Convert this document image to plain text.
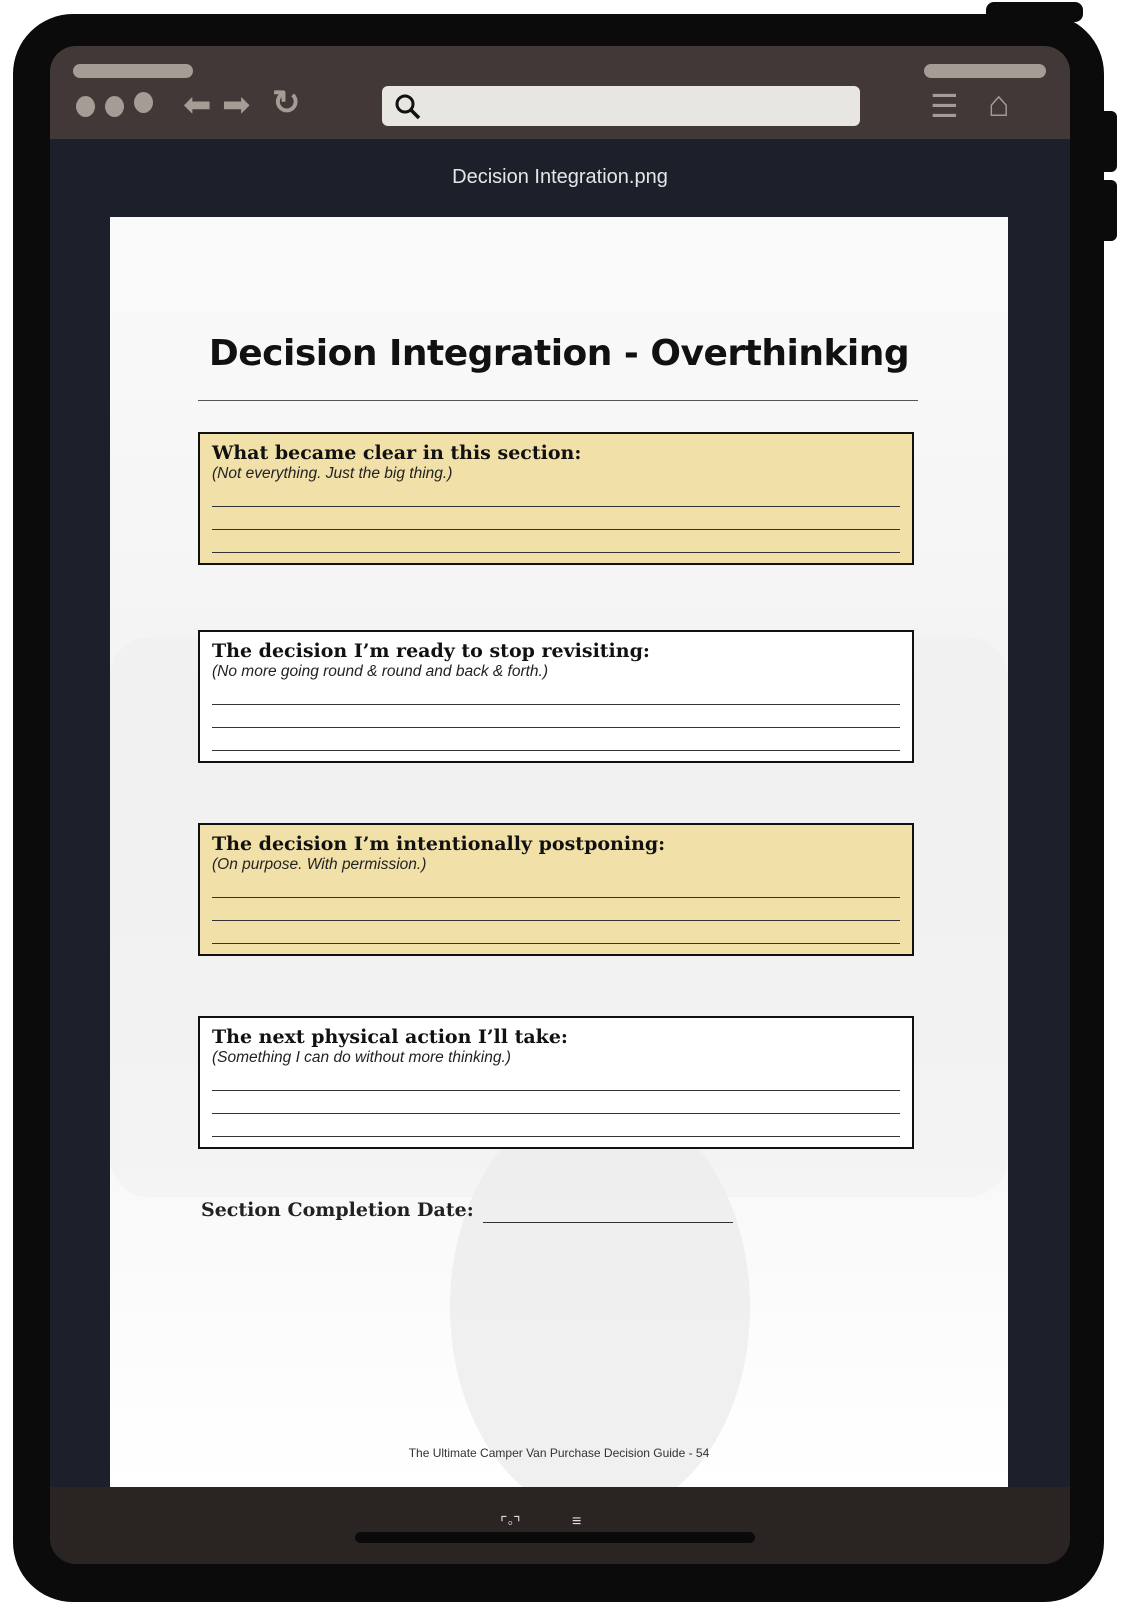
⬅ ➡ ↻	☰ ⌂
Decision Integration.png
Decision Integration - Overthinking
What became clear in this section:
(Not everything. Just the big thing.)
The decision I’m ready to stop revisiting:
(No more going round & round and back & forth.)
The decision I’m intentionally postponing:
(On purpose. With permission.)
The next physical action I’ll take:
(Something I can do without more thinking.)
Section Completion Date:
The Ultimate Camper Van Purchase Decision Guide - 54
⌜◦⌝	≡
